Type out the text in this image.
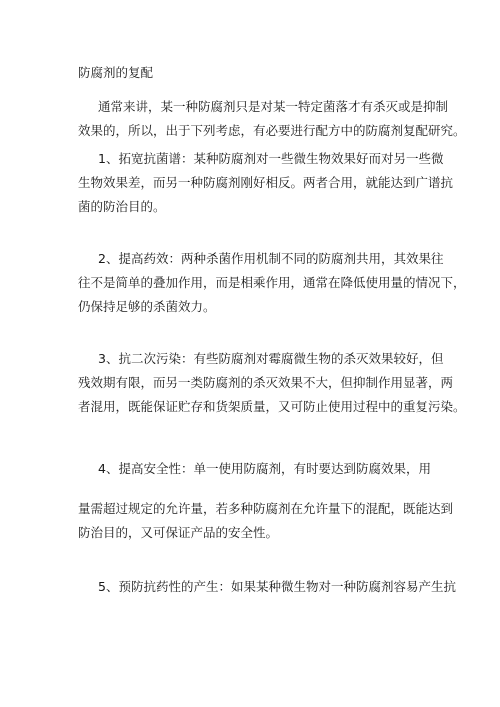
防腐剂的复配
通常来讲，某一种防腐剂只是对某一特定菌落才有杀灭或是抑制
效果的，所以，出于下列考虑，有必要进行配方中的防腐剂复配研究。
1、拓宽抗菌谱：某种防腐剂对一些微生物效果好而对另一些微
生物效果差，而另一种防腐剂刚好相反。两者合用，就能达到广谱抗
菌的防治目的。
2、提高药效：两种杀菌作用机制不同的防腐剂共用，其效果往
往不是简单的叠加作用，而是相乘作用，通常在降低使用量的情况下，
仍保持足够的杀菌效力。
3、抗二次污染：有些防腐剂对霉腐微生物的杀灭效果较好，但
残效期有限，而另一类防腐剂的杀灭效果不大，但抑制作用显著，两
者混用，既能保证贮存和货架质量，又可防止使用过程中的重复污染。
4、提高安全性：单一使用防腐剂，有时要达到防腐效果，用
量需超过规定的允许量，若多种防腐剂在允许量下的混配，既能达到
防治目的，又可保证产品的安全性。
5、预防抗药性的产生：如果某种微生物对一种防腐剂容易产生抗
